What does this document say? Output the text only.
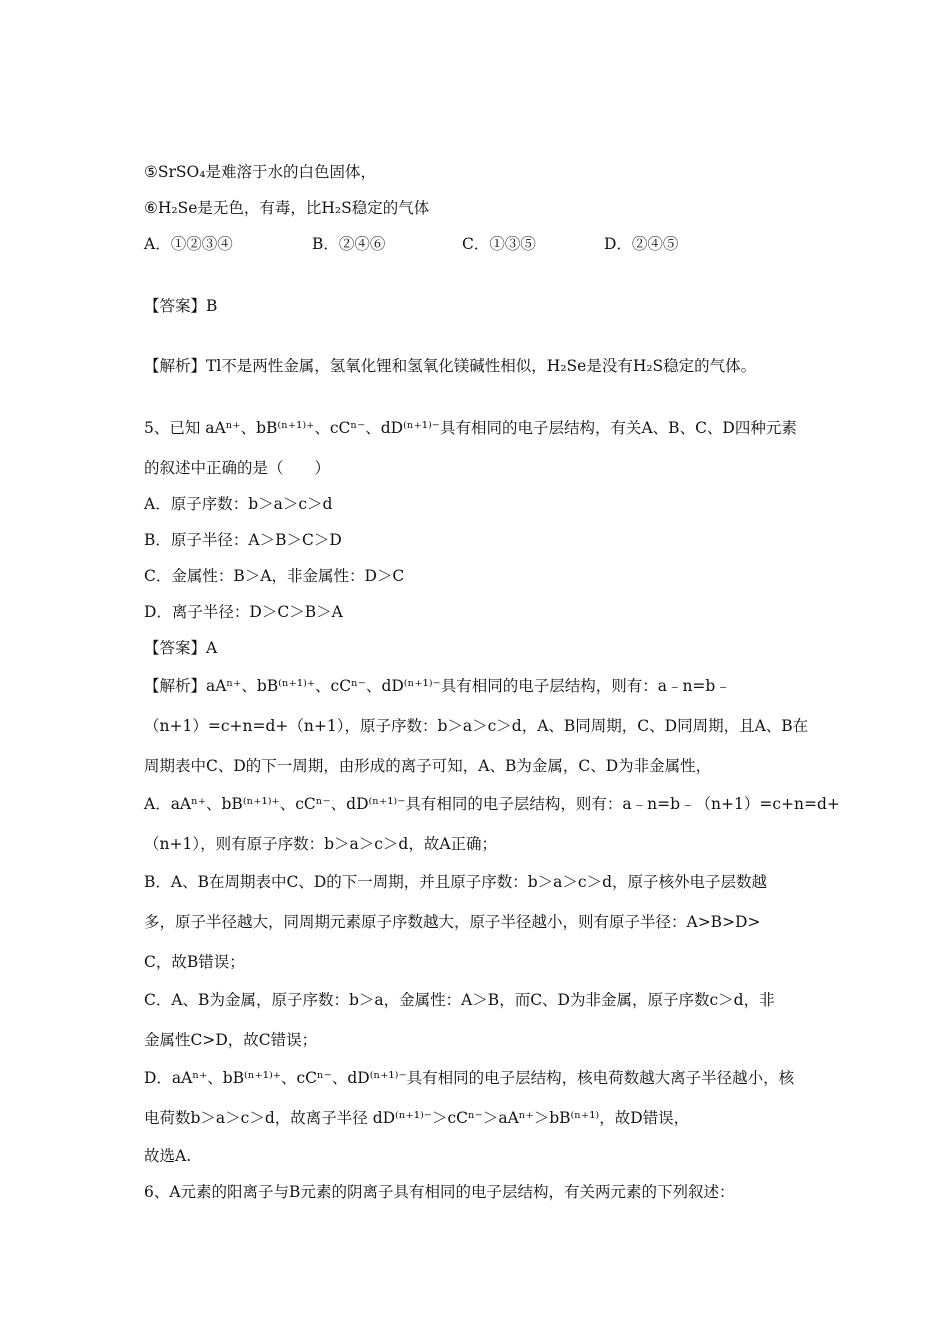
⑤SrSO₄是难溶于水的白色固体，
⑥H₂Se是无色，有毒，比H₂S稳定的气体
A．①②③④	B．②④⑥	C．①③⑤	D．②④⑤
【答案】B
【解析】Tl不是两性金属，氢氧化锂和氢氧化镁碱性相似，H₂Se是没有H₂S稳定的气体。
5、已知 aAⁿ⁺、bB⁽ⁿ⁺¹⁾⁺、cCⁿ⁻、dD⁽ⁿ⁺¹⁾⁻具有相同的电子层结构，有关A、B、C、D四种元素
的叙述中正确的是（　　）
A．原子序数：b＞a＞c＞d
B．原子半径：A＞B＞C＞D
C．金属性：B＞A，非金属性：D＞C
D．离子半径：D＞C＞B＞A
【答案】A
【解析】aAⁿ⁺、bB⁽ⁿ⁺¹⁾⁺、cCⁿ⁻、dD⁽ⁿ⁺¹⁾⁻具有相同的电子层结构，则有：a﹣n=b﹣
（n+1）=c+n=d+（n+1），原子序数：b＞a＞c＞d，A、B同周期，C、D同周期，且A、B在
周期表中C、D的下一周期，由形成的离子可知，A、B为金属，C、D为非金属性，
A．aAⁿ⁺、bB⁽ⁿ⁺¹⁾⁺、cCⁿ⁻、dD⁽ⁿ⁺¹⁾⁻具有相同的电子层结构，则有：a﹣n=b﹣（n+1）=c+n=d+
（n+1），则有原子序数：b＞a＞c＞d，故A正确；
B．A、B在周期表中C、D的下一周期，并且原子序数：b＞a＞c＞d，原子核外电子层数越
多，原子半径越大，同周期元素原子序数越大，原子半径越小，则有原子半径：A>B>D>
C，故B错误；
C．A、B为金属，原子序数：b＞a，金属性：A＞B，而C、D为非金属，原子序数c＞d，非
金属性C>D，故C错误；
D．aAⁿ⁺、bB⁽ⁿ⁺¹⁾⁺、cCⁿ⁻、dD⁽ⁿ⁺¹⁾⁻具有相同的电子层结构，核电荷数越大离子半径越小，核
电荷数b＞a＞c＞d，故离子半径 dD⁽ⁿ⁺¹⁾⁻＞cCⁿ⁻＞aAⁿ⁺＞bB⁽ⁿ⁺¹⁾，故D错误，
故选A.
6、A元素的阳离子与B元素的阴离子具有相同的电子层结构，有关两元素的下列叙述：
